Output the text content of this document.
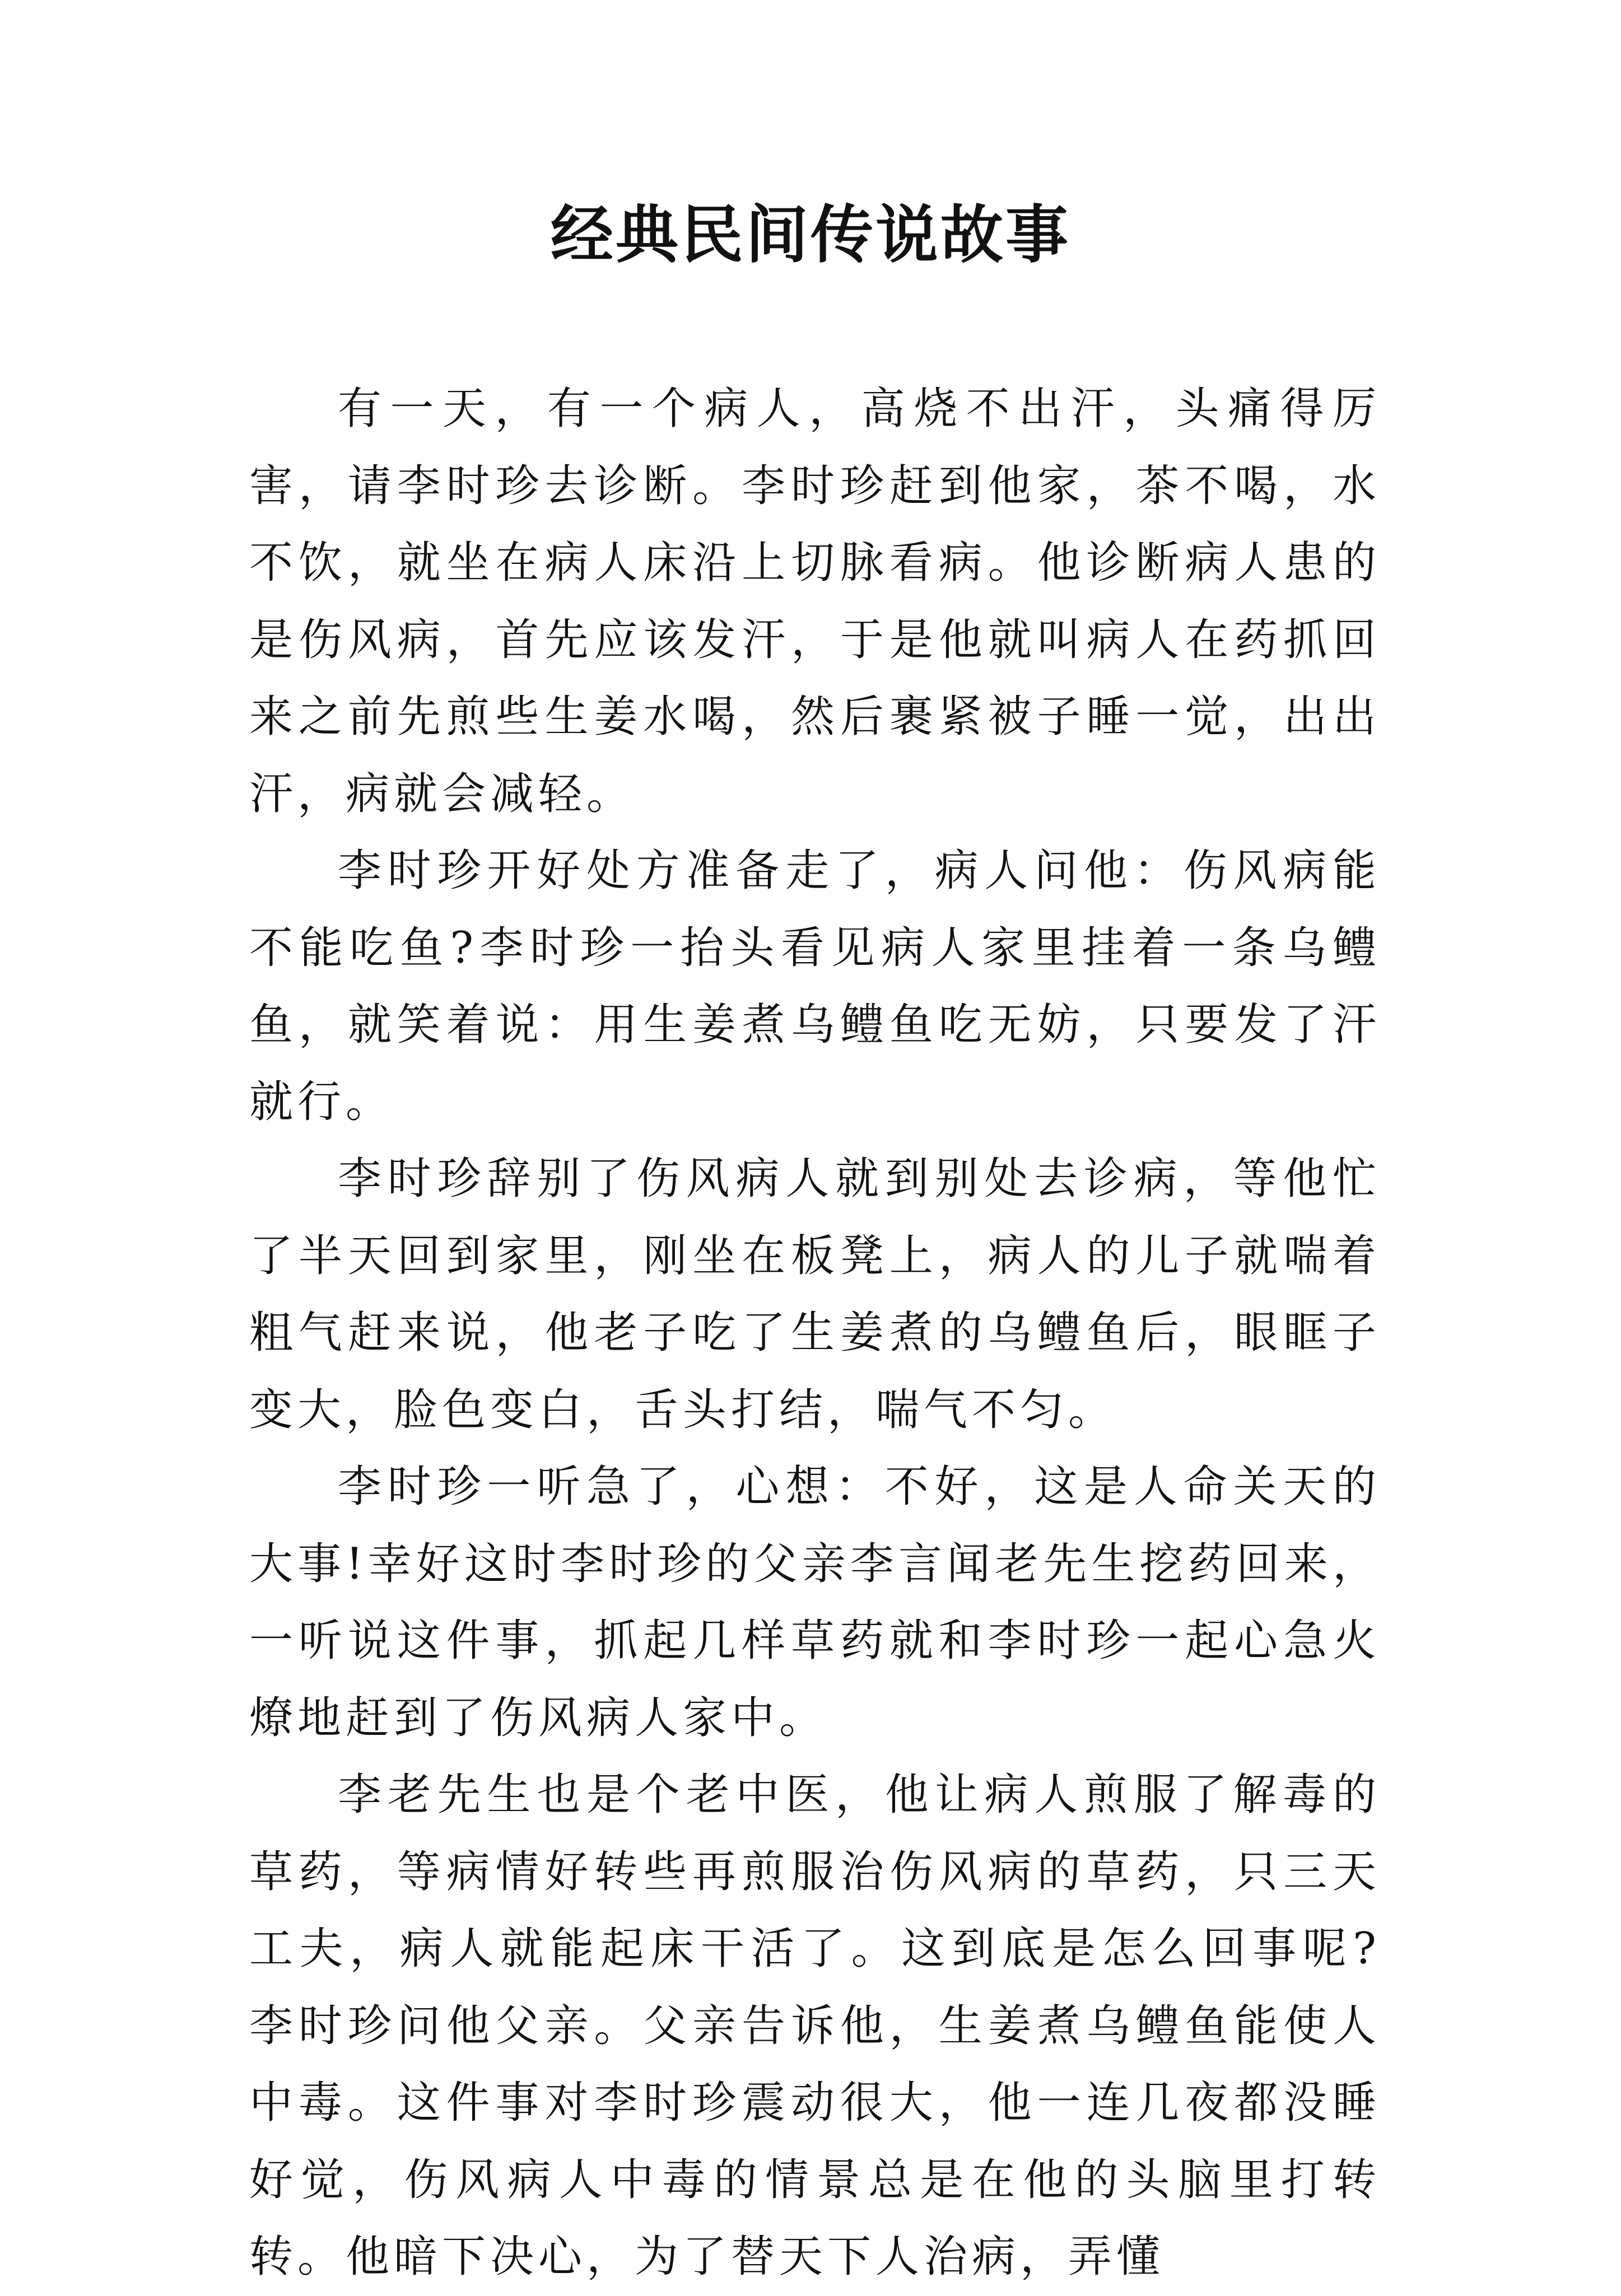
经典民间传说故事

有一天，有一个病人，高烧不出汗，头痛得厉害，请李时珍去诊断。李时珍赶到他家，茶不喝，水不饮，就坐在病人床沿上切脉看病。他诊断病人患的是伤风病，首先应该发汗，于是他就叫病人在药抓回来之前先煎些生姜水喝，然后裹紧被子睡一觉，出出汗，病就会减轻。

李时珍开好处方准备走了，病人问他：伤风病能不能吃鱼?李时珍一抬头看见病人家里挂着一条乌鳢鱼，就笑着说：用生姜煮乌鳢鱼吃无妨，只要发了汗就行。

李时珍辞别了伤风病人就到别处去诊病，等他忙了半天回到家里，刚坐在板凳上，病人的儿子就喘着粗气赶来说，他老子吃了生姜煮的乌鳢鱼后，眼眶子变大，脸色变白，舌头打结，喘气不匀。

李时珍一听急了，心想：不好，这是人命关天的大事!幸好这时李时珍的父亲李言闻老先生挖药回来，一听说这件事，抓起几样草药就和李时珍一起心急火燎地赶到了伤风病人家中。

李老先生也是个老中医，他让病人煎服了解毒的草药，等病情好转些再煎服治伤风病的草药，只三天工夫，病人就能起床干活了。这到底是怎么回事呢?李时珍问他父亲。父亲告诉他，生姜煮乌鳢鱼能使人中毒。这件事对李时珍震动很大，他一连几夜都没睡好觉，伤风病人中毒的情景总是在他的头脑里打转转。他暗下决心，为了替天下人治病，弄懂
